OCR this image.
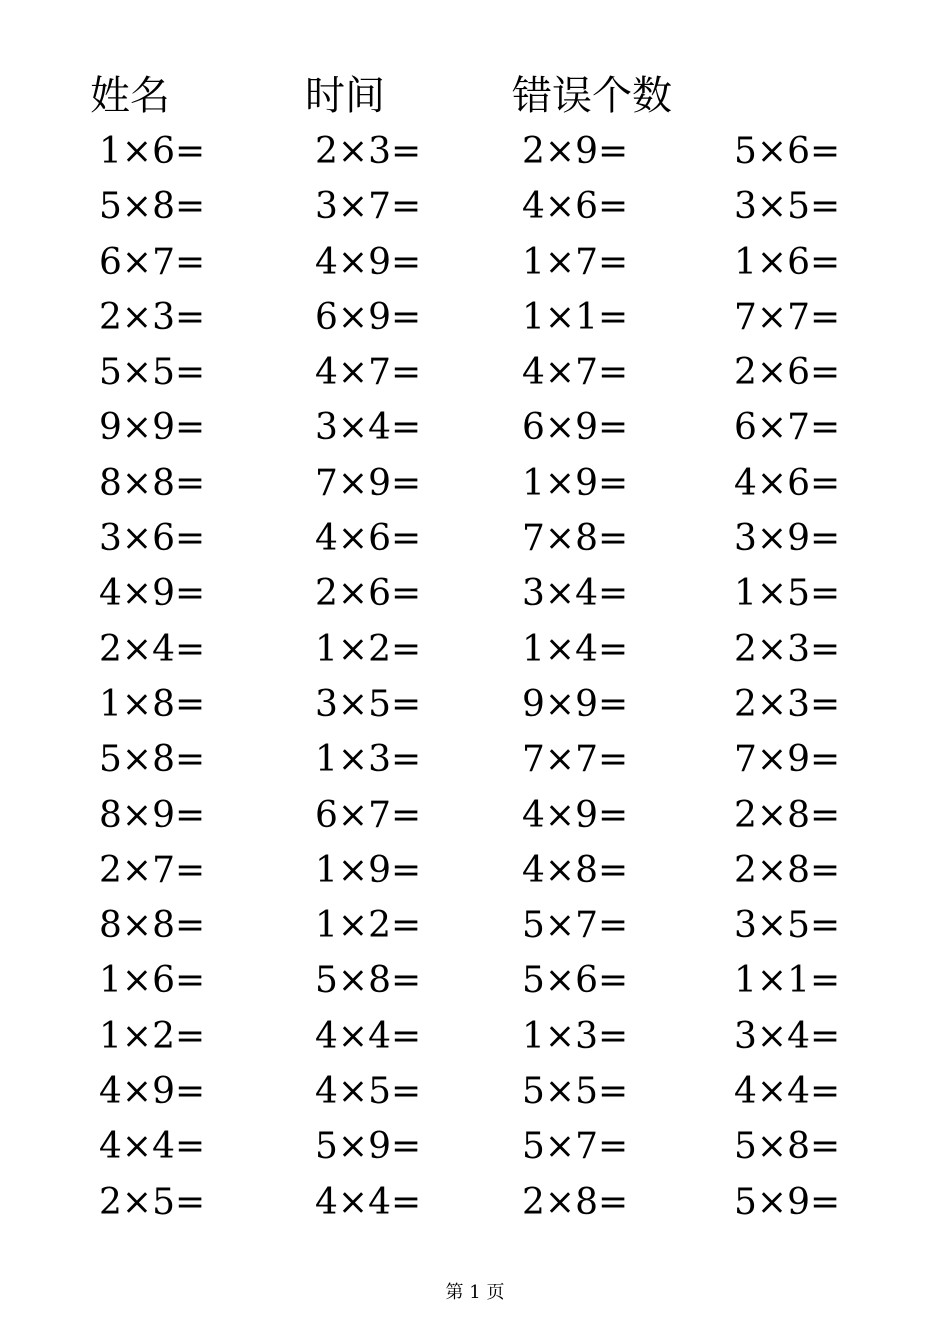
姓名	时间	错误个数
1×6=	2×3=	2×9=	5×6=
5×8=	3×7=	4×6=	3×5=
6×7=	4×9=	1×7=	1×6=
2×3=	6×9=	1×1=	7×7=
5×5=	4×7=	4×7=	2×6=
9×9=	3×4=	6×9=	6×7=
8×8=	7×9=	1×9=	4×6=
3×6=	4×6=	7×8=	3×9=
4×9=	2×6=	3×4=	1×5=
2×4=	1×2=	1×4=	2×3=
1×8=	3×5=	9×9=	2×3=
5×8=	1×3=	7×7=	7×9=
8×9=	6×7=	4×9=	2×8=
2×7=	1×9=	4×8=	2×8=
8×8=	1×2=	5×7=	3×5=
1×6=	5×8=	5×6=	1×1=
1×2=	4×4=	1×3=	3×4=
4×9=	4×5=	5×5=	4×4=
4×4=	5×9=	5×7=	5×8=
2×5=	4×4=	2×8=	5×9=
第 1 页
